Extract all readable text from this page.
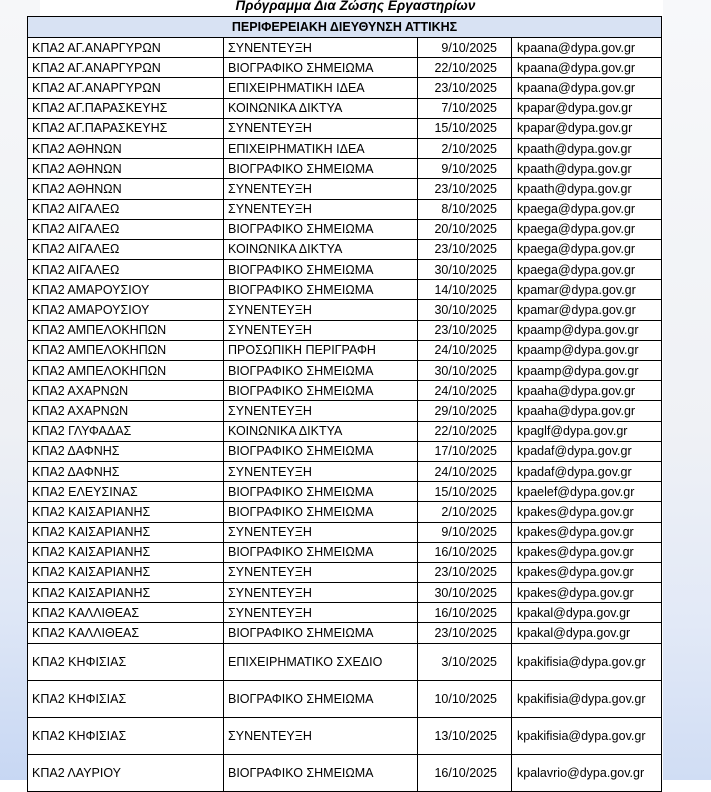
Πρόγραμμα Δια Ζώσης Εργαστηρίων
ΠΕΡΙΦΕΡΕΙΑΚΗ ΔΙΕΥΘΥΝΣΗ ΑΤΤΙΚΗΣ			
ΚΠΑ2 ΑΓ.ΑΝΑΡΓΥΡΩΝ	ΣΥΝΕΝΤΕΥΞΗ	9/10/2025	kpaana@dypa.gov.gr
ΚΠΑ2 ΑΓ.ΑΝΑΡΓΥΡΩΝ	ΒΙΟΓΡΑΦΙΚΟ ΣΗΜΕΙΩΜΑ	22/10/2025	kpaana@dypa.gov.gr
ΚΠΑ2 ΑΓ.ΑΝΑΡΓΥΡΩΝ	ΕΠΙΧΕΙΡΗΜΑΤΙΚΗ ΙΔΕΑ	23/10/2025	kpaana@dypa.gov.gr
ΚΠΑ2 ΑΓ.ΠΑΡΑΣΚΕΥΗΣ	ΚΟΙΝΩΝΙΚΑ ΔΙΚΤΥΑ	7/10/2025	kpapar@dypa.gov.gr
ΚΠΑ2 ΑΓ.ΠΑΡΑΣΚΕΥΗΣ	ΣΥΝΕΝΤΕΥΞΗ	15/10/2025	kpapar@dypa.gov.gr
ΚΠΑ2 ΑΘΗΝΩΝ	ΕΠΙΧΕΙΡΗΜΑΤΙΚΗ ΙΔΕΑ	2/10/2025	kpaath@dypa.gov.gr
ΚΠΑ2 ΑΘΗΝΩΝ	ΒΙΟΓΡΑΦΙΚΟ ΣΗΜΕΙΩΜΑ	9/10/2025	kpaath@dypa.gov.gr
ΚΠΑ2 ΑΘΗΝΩΝ	ΣΥΝΕΝΤΕΥΞΗ	23/10/2025	kpaath@dypa.gov.gr
ΚΠΑ2 ΑΙΓΑΛΕΩ	ΣΥΝΕΝΤΕΥΞΗ	8/10/2025	kpaega@dypa.gov.gr
ΚΠΑ2 ΑΙΓΑΛΕΩ	ΒΙΟΓΡΑΦΙΚΟ ΣΗΜΕΙΩΜΑ	20/10/2025	kpaega@dypa.gov.gr
ΚΠΑ2 ΑΙΓΑΛΕΩ	ΚΟΙΝΩΝΙΚΑ ΔΙΚΤΥΑ	23/10/2025	kpaega@dypa.gov.gr
ΚΠΑ2 ΑΙΓΑΛΕΩ	ΒΙΟΓΡΑΦΙΚΟ ΣΗΜΕΙΩΜΑ	30/10/2025	kpaega@dypa.gov.gr
ΚΠΑ2 ΑΜΑΡΟΥΣΙΟΥ	ΒΙΟΓΡΑΦΙΚΟ ΣΗΜΕΙΩΜΑ	14/10/2025	kpamar@dypa.gov.gr
ΚΠΑ2 ΑΜΑΡΟΥΣΙΟΥ	ΣΥΝΕΝΤΕΥΞΗ	30/10/2025	kpamar@dypa.gov.gr
ΚΠΑ2 ΑΜΠΕΛΟΚΗΠΩΝ	ΣΥΝΕΝΤΕΥΞΗ	23/10/2025	kpaamp@dypa.gov.gr
ΚΠΑ2 ΑΜΠΕΛΟΚΗΠΩΝ	ΠΡΟΣΩΠΙΚΗ ΠΕΡΙΓΡΑΦΗ	24/10/2025	kpaamp@dypa.gov.gr
ΚΠΑ2 ΑΜΠΕΛΟΚΗΠΩΝ	ΒΙΟΓΡΑΦΙΚΟ ΣΗΜΕΙΩΜΑ	30/10/2025	kpaamp@dypa.gov.gr
ΚΠΑ2 ΑΧΑΡΝΩΝ	ΒΙΟΓΡΑΦΙΚΟ ΣΗΜΕΙΩΜΑ	24/10/2025	kpaaha@dypa.gov.gr
ΚΠΑ2 ΑΧΑΡΝΩΝ	ΣΥΝΕΝΤΕΥΞΗ	29/10/2025	kpaaha@dypa.gov.gr
ΚΠΑ2 ΓΛΥΦΑΔΑΣ	ΚΟΙΝΩΝΙΚΑ ΔΙΚΤΥΑ	22/10/2025	kpaglf@dypa.gov.gr
ΚΠΑ2 ΔΑΦΝΗΣ	ΒΙΟΓΡΑΦΙΚΟ ΣΗΜΕΙΩΜΑ	17/10/2025	kpadaf@dypa.gov.gr
ΚΠΑ2 ΔΑΦΝΗΣ	ΣΥΝΕΝΤΕΥΞΗ	24/10/2025	kpadaf@dypa.gov.gr
ΚΠΑ2 ΕΛΕΥΣΙΝΑΣ	ΒΙΟΓΡΑΦΙΚΟ ΣΗΜΕΙΩΜΑ	15/10/2025	kpaelef@dypa.gov.gr
ΚΠΑ2 ΚΑΙΣΑΡΙΑΝΗΣ	ΒΙΟΓΡΑΦΙΚΟ ΣΗΜΕΙΩΜΑ	2/10/2025	kpakes@dypa.gov.gr
ΚΠΑ2 ΚΑΙΣΑΡΙΑΝΗΣ	ΣΥΝΕΝΤΕΥΞΗ	9/10/2025	kpakes@dypa.gov.gr
ΚΠΑ2 ΚΑΙΣΑΡΙΑΝΗΣ	ΒΙΟΓΡΑΦΙΚΟ ΣΗΜΕΙΩΜΑ	16/10/2025	kpakes@dypa.gov.gr
ΚΠΑ2 ΚΑΙΣΑΡΙΑΝΗΣ	ΣΥΝΕΝΤΕΥΞΗ	23/10/2025	kpakes@dypa.gov.gr
ΚΠΑ2 ΚΑΙΣΑΡΙΑΝΗΣ	ΣΥΝΕΝΤΕΥΞΗ	30/10/2025	kpakes@dypa.gov.gr
ΚΠΑ2 ΚΑΛΛΙΘΕΑΣ	ΣΥΝΕΝΤΕΥΞΗ	16/10/2025	kpakal@dypa.gov.gr
ΚΠΑ2 ΚΑΛΛΙΘΕΑΣ	ΒΙΟΓΡΑΦΙΚΟ ΣΗΜΕΙΩΜΑ	23/10/2025	kpakal@dypa.gov.gr
ΚΠΑ2 ΚΗΦΙΣΙΑΣ	ΕΠΙΧΕΙΡΗΜΑΤΙΚΟ ΣΧΕΔΙΟ	3/10/2025	kpakifisia@dypa.gov.gr
ΚΠΑ2 ΚΗΦΙΣΙΑΣ	ΒΙΟΓΡΑΦΙΚΟ ΣΗΜΕΙΩΜΑ	10/10/2025	kpakifisia@dypa.gov.gr
ΚΠΑ2 ΚΗΦΙΣΙΑΣ	ΣΥΝΕΝΤΕΥΞΗ	13/10/2025	kpakifisia@dypa.gov.gr
ΚΠΑ2 ΛΑΥΡΙΟΥ	ΒΙΟΓΡΑΦΙΚΟ ΣΗΜΕΙΩΜΑ	16/10/2025	kpalavrio@dypa.gov.gr
